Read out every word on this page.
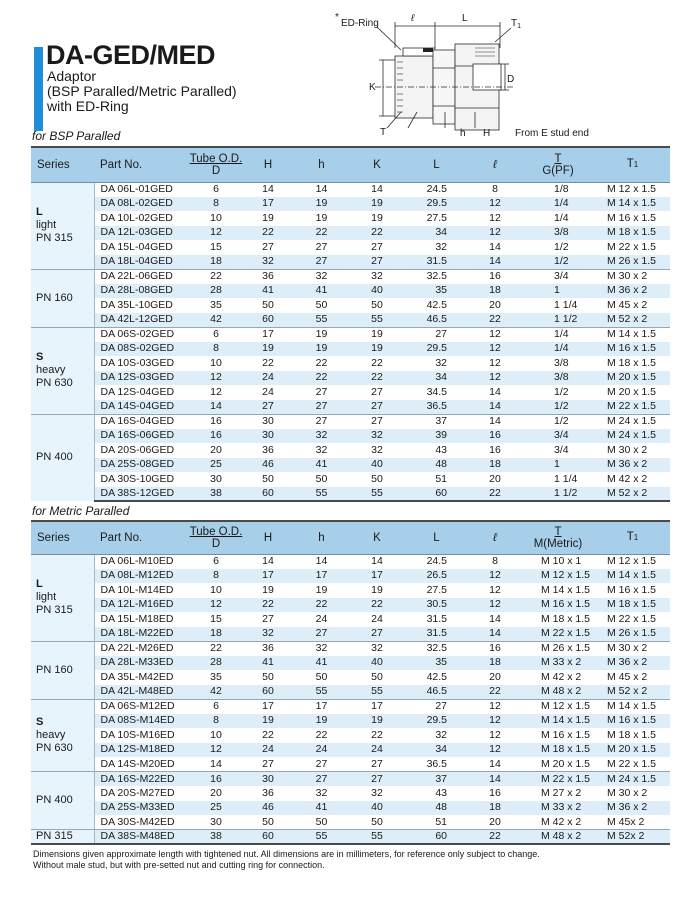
DA-GED/MED
Adaptor
(BSP Paralled/Metric Paralled)
with ED-Ring
*
ED-Ring	ℓ	L	$T_1$
K
D
T	h H From E stud end
for BSP Paralled
Series	Part No.	Tube O.D.
D	H	h	K	L	ℓ	T
G(PF)	T1

L
light
PN 315	DA 06L-01GED	6	14	14	14	24.5	8	1/8	M 12 x 1.5
	DA 08L-02GED	8	17	19	19	29.5	12	1/4	M 14 x 1.5
	DA 10L-02GED	10	19	19	19	27.5	12	1/4	M 16 x 1.5
	DA 12L-03GED	12	22	22	22	34	12	3/8	M 18 x 1.5
	DA 15L-04GED	15	27	27	27	32	14	1/2	M 22 x 1.5
	DA 18L-04GED	18	32	27	27	31.5	14	1/2	M 26 x 1.5

PN 160	DA 22L-06GED	22	36	32	32	32.5	16	3/4	M 30 x 2
	DA 28L-08GED	28	41	41	40	35	18	1	M 36 x 2
	DA 35L-10GED	35	50	50	50	42.5	20	1 1/4	M 45 x 2
	DA 42L-12GED	42	60	55	55	46.5	22	1 1/2	M 52 x 2

S
heavy
PN 630	DA 06S-02GED	6	17	19	19	27	12	1/4	M 14 x 1.5
	DA 08S-02GED	8	19	19	19	29.5	12	1/4	M 16 x 1.5
	DA 10S-03GED	10	22	22	22	32	12	3/8	M 18 x 1.5
	DA 12S-03GED	12	24	22	22	34	12	3/8	M 20 x 1.5
	DA 12S-04GED	12	24	27	27	34.5	14	1/2	M 20 x 1.5
	DA 14S-04GED	14	27	27	27	36.5	14	1/2	M 22 x 1.5

PN 400	DA 16S-04GED	16	30	27	27	37	14	1/2	M 24 x 1.5
	DA 16S-06GED	16	30	32	32	39	16	3/4	M 24 x 1.5
	DA 20S-06GED	20	36	32	32	43	16	3/4	M 30 x 2
	DA 25S-08GED	25	46	41	40	48	18	1	M 36 x 2
	DA 30S-10GED	30	50	50	50	51	20	1 1/4	M 42 x 2
	DA 38S-12GED	38	60	55	55	60	22	1 1/2	M 52 x 2
for Metric Paralled
Series	Part No.	Tube O.D.
D	H	h	K	L	ℓ	T
M(Metric)	T1

L
light
PN 315	DA 06L-M10ED	6	14	14	14	24.5	8	M 10 x 1	M 12 x 1.5
	DA 08L-M12ED	8	17	17	17	26.5	12	M 12 x 1.5	M 14 x 1.5
	DA 10L-M14ED	10	19	19	19	27.5	12	M 14 x 1.5	M 16 x 1.5
	DA 12L-M16ED	12	22	22	22	30.5	12	M 16 x 1.5	M 18 x 1.5
	DA 15L-M18ED	15	27	24	24	31.5	14	M 18 x 1.5	M 22 x 1.5
	DA 18L-M22ED	18	32	27	27	31.5	14	M 22 x 1.5	M 26 x 1.5

PN 160	DA 22L-M26ED	22	36	32	32	32.5	16	M 26 x 1.5	M 30 x 2
	DA 28L-M33ED	28	41	41	40	35	18	M 33 x 2	M 36 x 2
	DA 35L-M42ED	35	50	50	50	42.5	20	M 42 x 2	M 45 x 2
	DA 42L-M48ED	42	60	55	55	46.5	22	M 48 x 2	M 52 x 2

S
heavy
PN 630	DA 06S-M12ED	6	17	17	17	27	12	M 12 x 1.5	M 14 x 1.5
	DA 08S-M14ED	8	19	19	19	29.5	12	M 14 x 1.5	M 16 x 1.5
	DA 10S-M16ED	10	22	22	22	32	12	M 16 x 1.5	M 18 x 1.5
	DA 12S-M18ED	12	24	24	24	34	12	M 18 x 1.5	M 20 x 1.5
	DA 14S-M20ED	14	27	27	27	36.5	14	M 20 x 1.5	M 22 x 1.5

PN 400	DA 16S-M22ED	16	30	27	27	37	14	M 22 x 1.5	M 24 x 1.5
	DA 20S-M27ED	20	36	32	32	43	16	M 27 x 2	M 30 x 2
	DA 25S-M33ED	25	46	41	40	48	18	M 33 x 2	M 36 x 2
	DA 30S-M42ED	30	50	50	50	51	20	M 42 x 2	M 45x 2

PN 315	DA 38S-M48ED	38	60	55	55	60	22	M 48 x 2	M 52x 2
Dimensions given approximate length with tightened nut. All dimensions are in millimeters, for reference only subject to change.
Without male stud, but with pre-setted nut and cutting ring for connection.
